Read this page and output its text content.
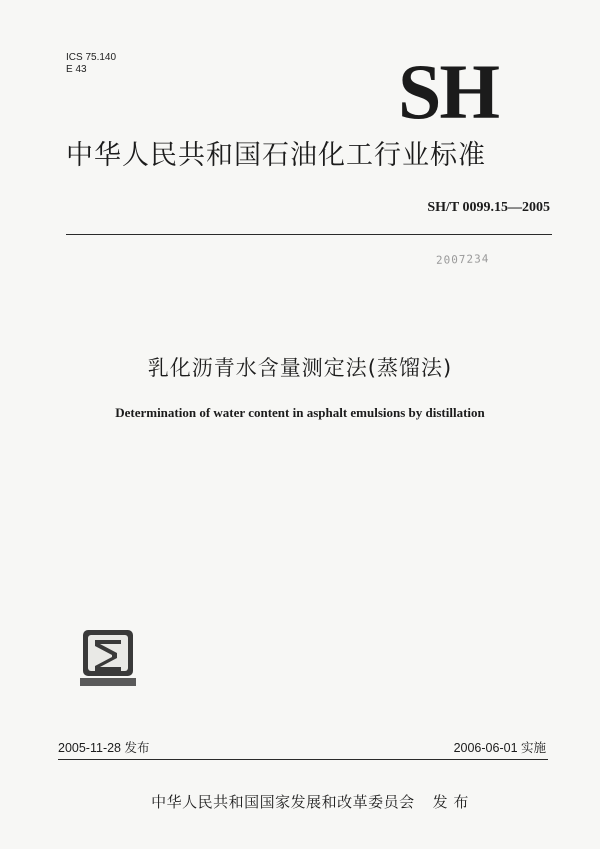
ICS 75.140
E 43	SH
中华人民共和国石油化工行业标准
SH/T 0099.15—2005
2007234
乳化沥青水含量测定法(蒸馏法)
Determination of water content in asphalt emulsions by distillation
2005-11-28 发布	2006-06-01 实施
中华人民共和国国家发展和改革委员会 发 布
